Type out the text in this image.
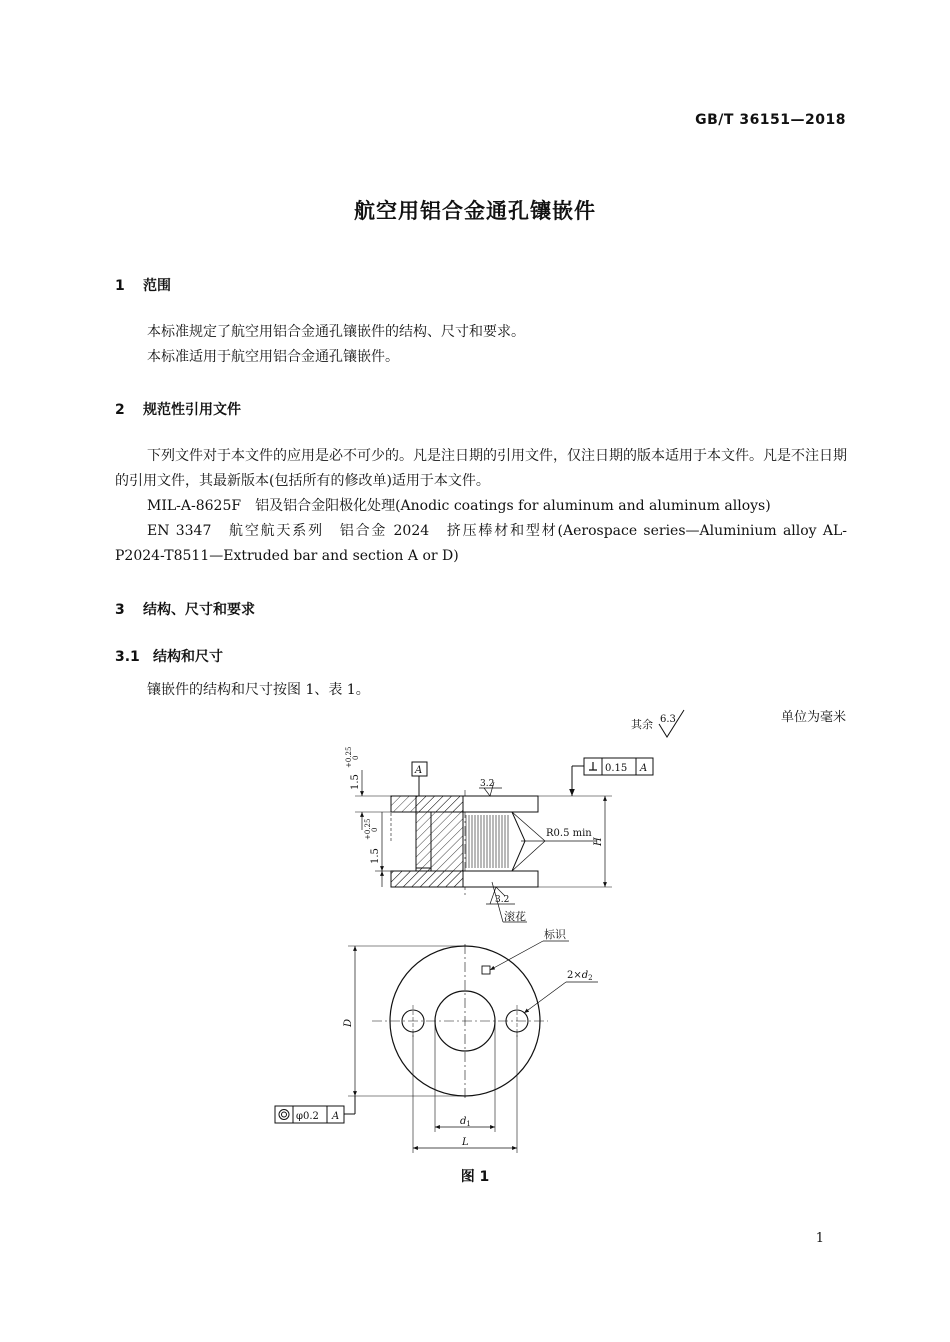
GB/T 36151—2018
航空用铝合金通孔镶嵌件
1 范围
本标准规定了航空用铝合金通孔镶嵌件的结构、尺寸和要求。
本标准适用于航空用铝合金通孔镶嵌件。
2 规范性引用文件
下列文件对于本文件的应用是必不可少的。凡是注日期的引用文件，仅注日期的版本适用于本文件。凡是不注日期的引用文件，其最新版本(包括所有的修改单)适用于本文件。
MIL-A-8625F　铝及铝合金阳极化处理(Anodic coatings for aluminum and aluminum alloys)
EN 3347　航空航天系列　铝合金 2024　挤压棒材和型材(Aerospace series—Aluminium alloy AL-P2024-T8511—Extruded bar and section A or D)
3 结构、尺寸和要求
3.1 结构和尺寸
镶嵌件的结构和尺寸按图 1、表 1。
单位为毫米
其余 6.3
A
1.5
+0.25 0
1.5
+0.25 0
0.15 A
3.2
3.2
R0.5 min
H
滚花
标识
$2\times d_2$
D
φ0.2 A	$d_1$
L
图 1
1
